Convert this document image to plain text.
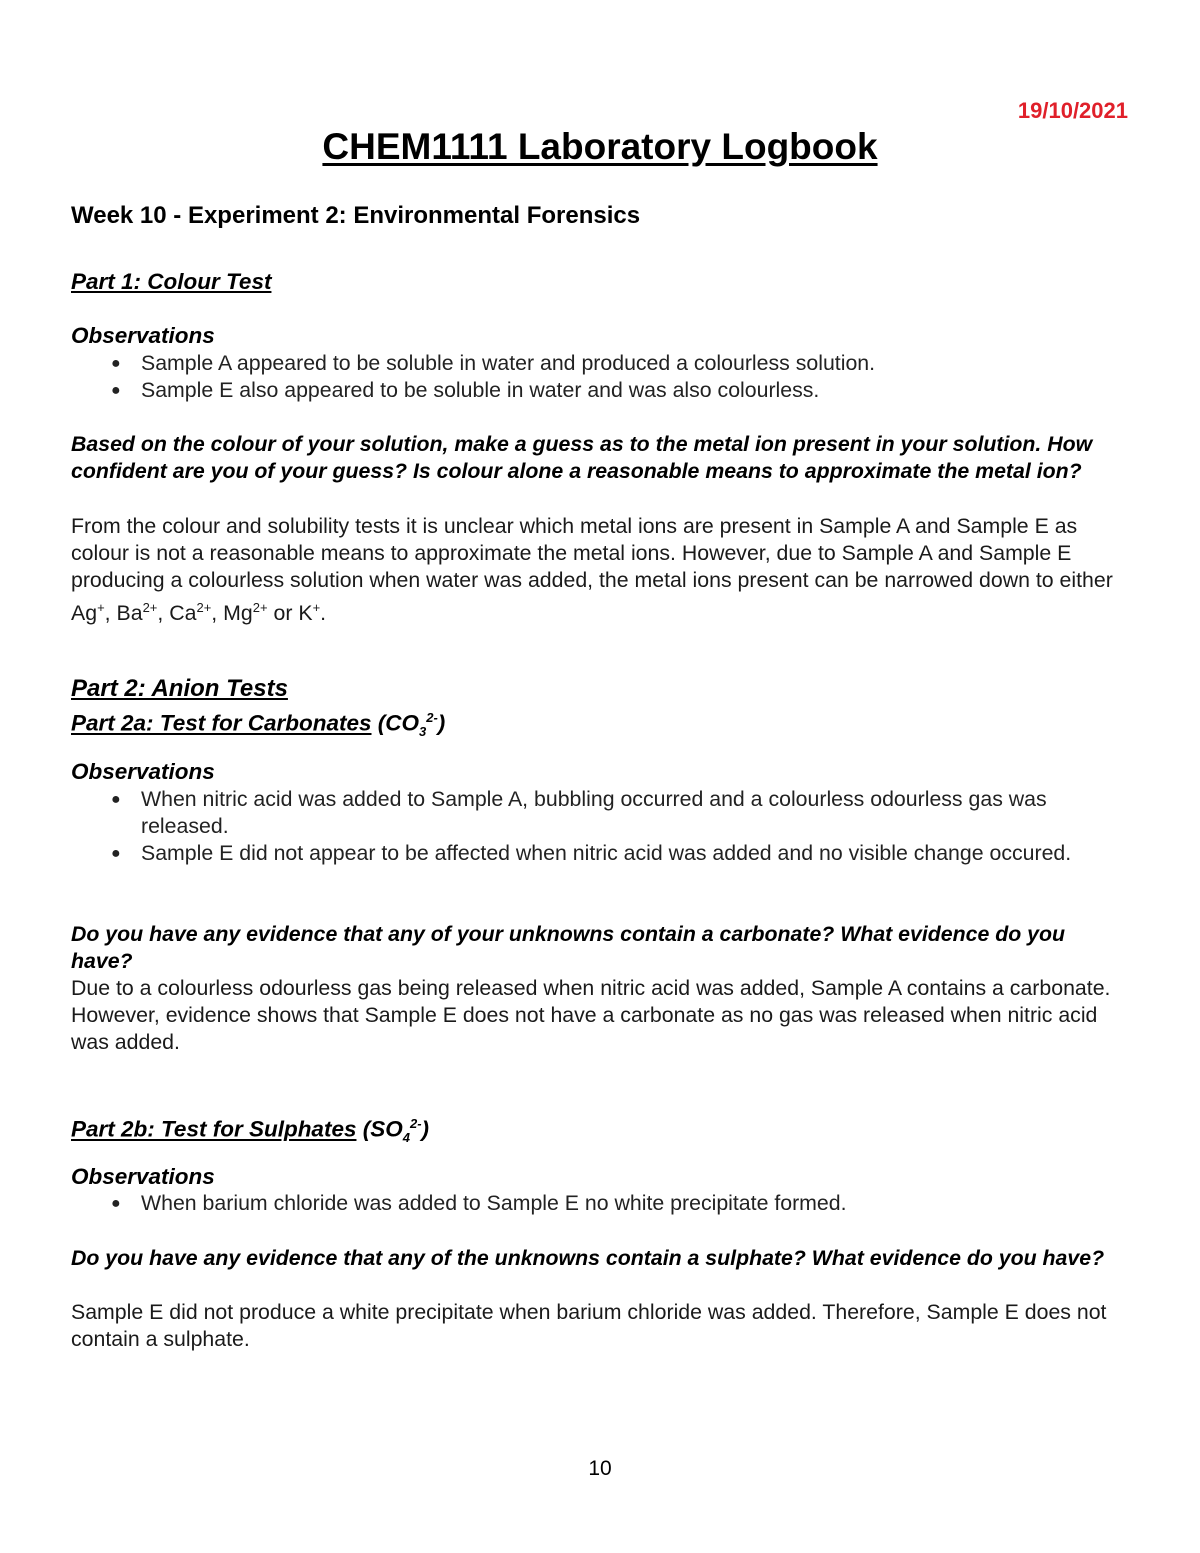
19/10/2021
CHEM1111 Laboratory Logbook
Week 10 - Experiment 2: Environmental Forensics
Part 1: Colour Test
Observations
● Sample A appeared to be soluble in water and produced a colourless solution.
● Sample E also appeared to be soluble in water and was also colourless.
Based on the colour of your solution, make a guess as to the metal ion present in your solution. How confident are you of your guess? Is colour alone a reasonable means to approximate the metal ion?
From the colour and solubility tests it is unclear which metal ions are present in Sample A and Sample E as colour is not a reasonable means to approximate the metal ions. However, due to Sample A and Sample E producing a colourless solution when water was added, the metal ions present can be narrowed down to either Ag+, $Ba^{2+}$, $Ca^{2+}$, $Mg^{2+}$ or K+.
Part 2: Anion Tests
Part 2a: Test for Carbonates $(CO_3^{2-})$
Observations
● When nitric acid was added to Sample A, bubbling occurred and a colourless odourless gas was released.
● Sample E did not appear to be affected when nitric acid was added and no visible change occured.
Do you have any evidence that any of your unknowns contain a carbonate? What evidence do you have?
Due to a colourless odourless gas being released when nitric acid was added, Sample A contains a carbonate. However, evidence shows that Sample E does not have a carbonate as no gas was released when nitric acid was added.
Part 2b: Test for Sulphates $(SO_4^{2-})$
Observations
● When barium chloride was added to Sample E no white precipitate formed.
Do you have any evidence that any of the unknowns contain a sulphate? What evidence do you have?
Sample E did not produce a white precipitate when barium chloride was added. Therefore, Sample E does not contain a sulphate.
10
